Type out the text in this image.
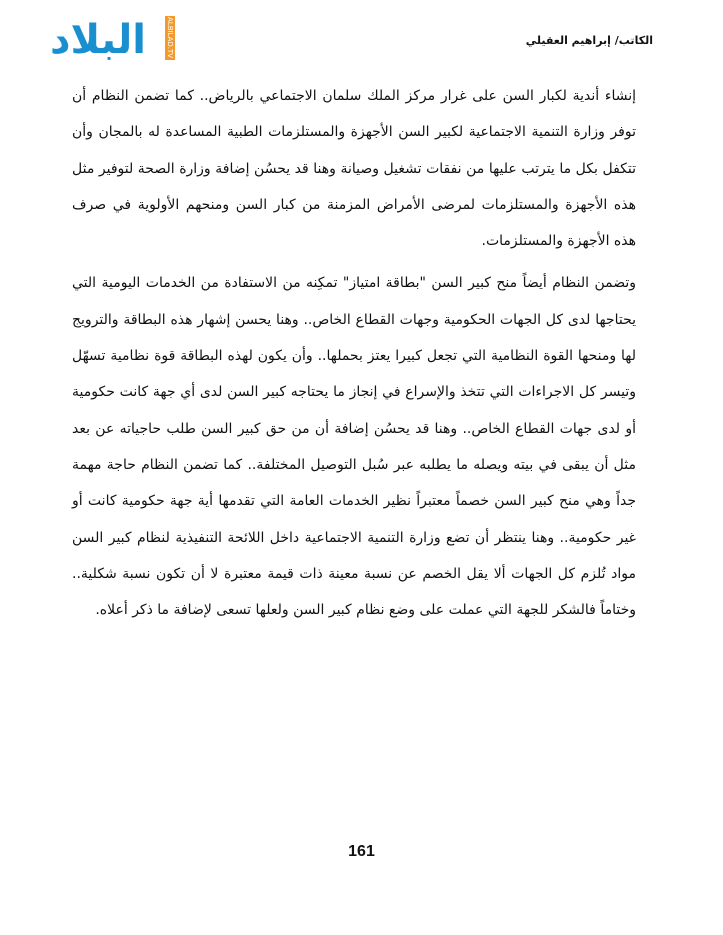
البلاد	ALBILAD.TV	الكاتب/ إبراهيم العقيلي

إنشاء أندية لكبار السن على غرار مركز الملك سلمان الاجتماعي بالرياض.. كما تضمن النظام أن توفر وزارة التنمية الاجتماعية لكبير السن الأجهزة والمستلزمات الطبية المساعدة له بالمجان وأن تتكفل بكل ما يترتب عليها من نفقات تشغيل وصيانة وهنا قد يحسُن إضافة وزارة الصحة لتوفير مثل هذه الأجهزة والمستلزمات لمرضى الأمراض المزمنة من كبار السن ومنحهم الأولوية في صرف هذه الأجهزة والمستلزمات.

وتضمن النظام أيضاً منح كبير السن "بطاقة امتياز" تمكِنه من الاستفادة من الخدمات اليومية التي يحتاجها لدى كل الجهات الحكومية وجهات القطاع الخاص.. وهنا يحسن إشهار هذه البطاقة والترويج لها ومنحها القوة النظامية التي تجعل كبيرا يعتز بحملها.. وأن يكون لهذه البطاقة قوة نظامية تسهّل وتيسر كل الاجراءات التي تتخذ والإسراع في إنجاز ما يحتاجه كبير السن لدى أي جهة كانت حكومية أو لدى جهات القطاع الخاص.. وهنا قد يحسُن إضافة أن من حق كبير السن طلب حاجياته عن بعد مثل أن يبقى في بيته ويصله ما يطلبه عبر سُبل التوصيل المختلفة.. كما تضمن النظام حاجة مهمة جداً وهي منح كبير السن خصماً معتبراً نظير الخدمات العامة التي تقدمها أية جهة حكومية كانت أو غير حكومية.. وهنا ينتظر أن تضع وزارة التنمية الاجتماعية داخل اللائحة التنفيذية لنظام كبير السن مواد تُلزم كل الجهات ألا يقل الخصم عن نسبة معينة ذات قيمة معتبرة لا أن تكون نسبة شكلية.. وختاماً فالشكر للجهة التي عملت على وضع نظام كبير السن ولعلها تسعى لإضافة ما ذكر أعلاه.

161
